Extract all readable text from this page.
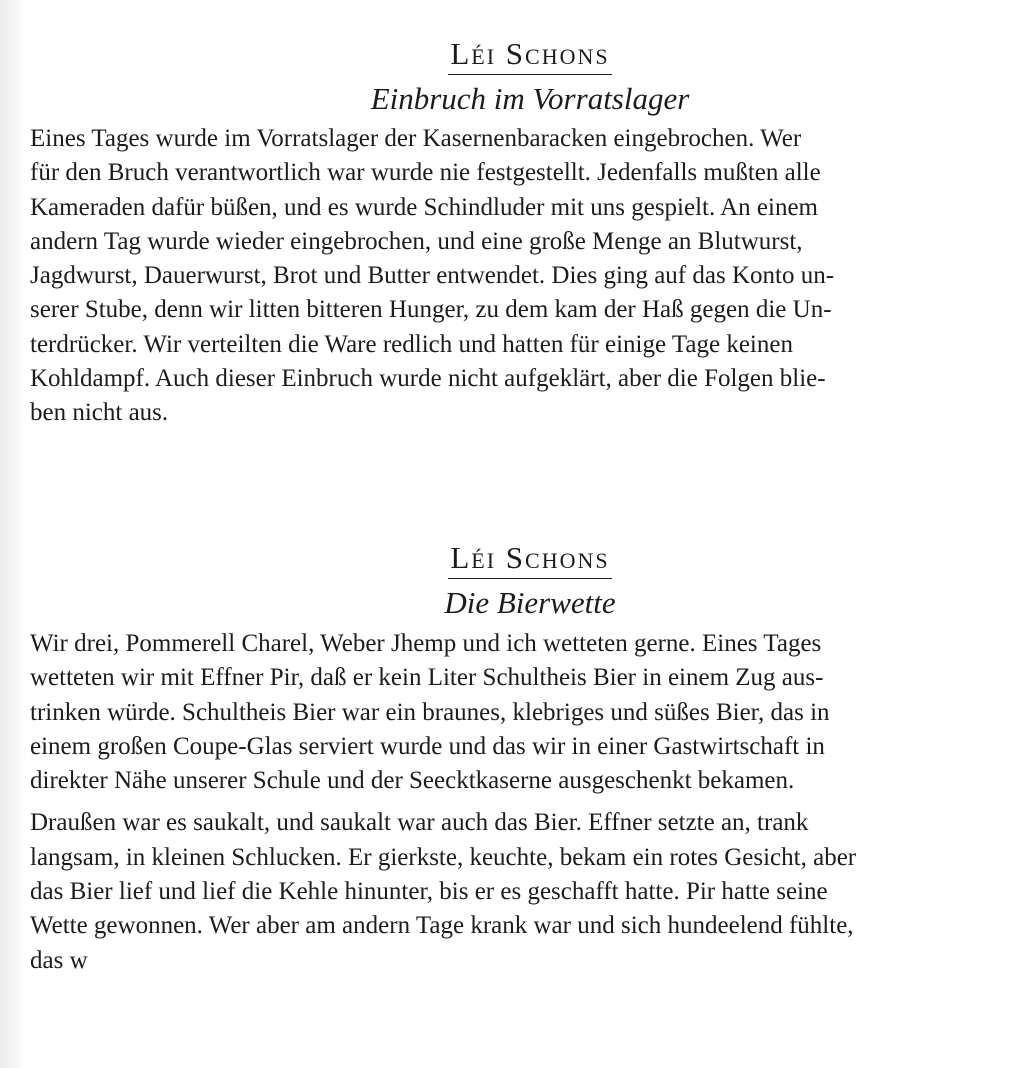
Léi Schons
Einbruch im Vorratslager

Eines Tages wurde im Vorratslager der Kasernenbaracken eingebrochen. Wer
für den Bruch verantwortlich war wurde nie festgestellt. Jedenfalls mußten alle
Kameraden dafür büßen, und es wurde Schindluder mit uns gespielt. An einem
andern Tag wurde wieder eingebrochen, und eine große Menge an Blutwurst,
Jagdwurst, Dauerwurst, Brot und Butter entwendet. Dies ging auf das Konto un-
serer Stube, denn wir litten bitteren Hunger, zu dem kam der Haß gegen die Un-
terdrücker. Wir verteilten die Ware redlich und hatten für einige Tage keinen
Kohldampf. Auch dieser Einbruch wurde nicht aufgeklärt, aber die Folgen blie-
ben nicht aus.

Léi Schons
Die Bierwette

Wir drei, Pommerell Charel, Weber Jhemp und ich wetteten gerne. Eines Tages
wetteten wir mit Effner Pir, daß er kein Liter Schultheis Bier in einem Zug aus-
trinken würde. Schultheis Bier war ein braunes, klebriges und süßes Bier, das in
einem großen Coupe-Glas serviert wurde und das wir in einer Gastwirtschaft in
direkter Nähe unserer Schule und der Seecktkaserne ausgeschenkt bekamen.

Draußen war es saukalt, und saukalt war auch das Bier. Effner setzte an, trank
langsam, in kleinen Schlucken. Er gierkste, keuchte, bekam ein rotes Gesicht, aber
das Bier lief und lief die Kehle hinunter, bis er es geschafft hatte. Pir hatte seine
Wette gewonnen. Wer aber am andern Tage krank war und sich hundeelend fühlte,
das w
